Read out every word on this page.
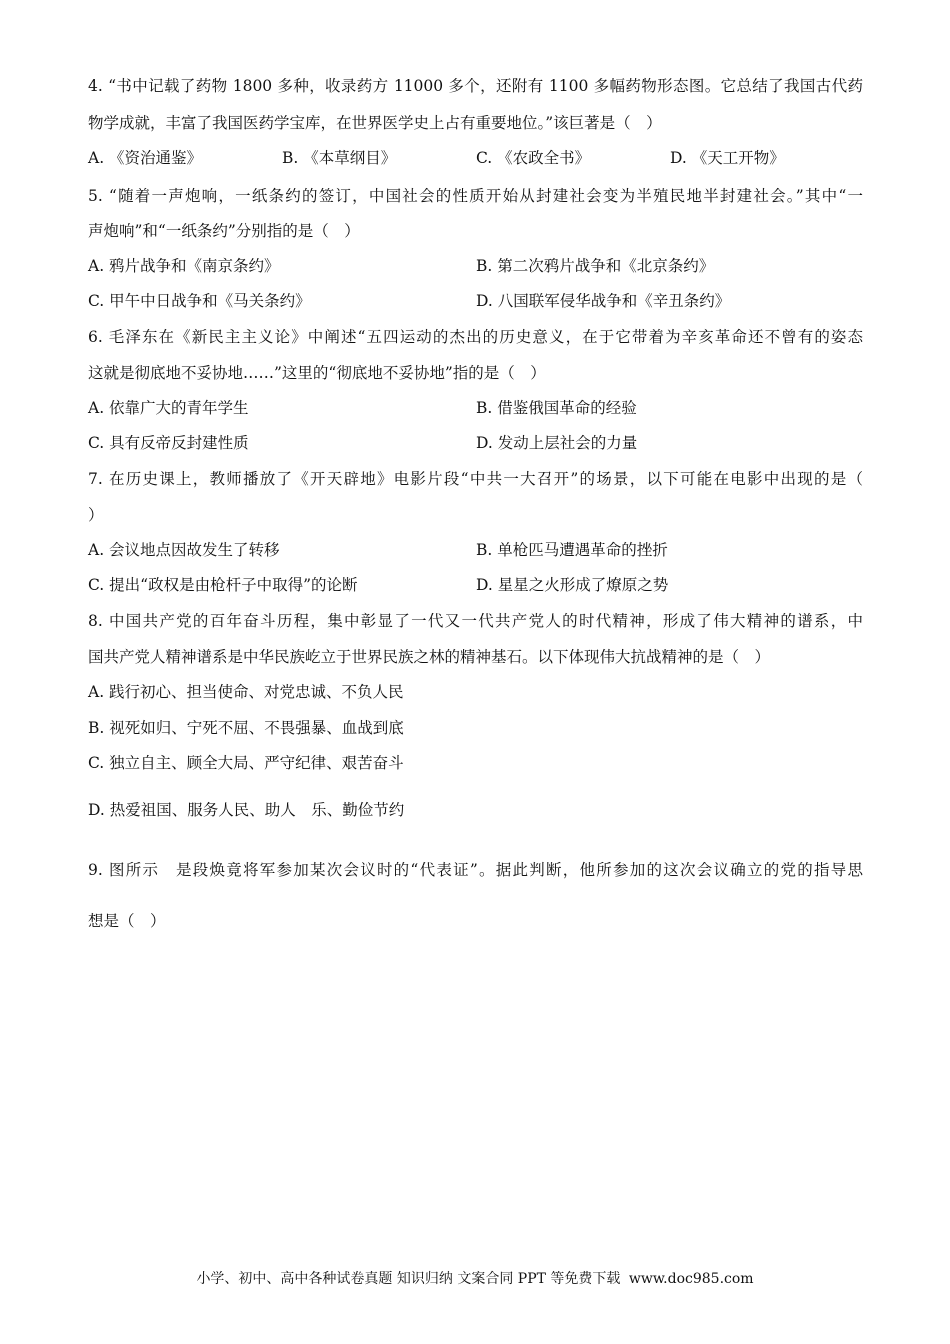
4. “书中记载了药物 1800 多种，收录药方 11000 多个，还附有 1100 多幅药物形态图。它总结了我国古代药
物学成就，丰富了我国医药学宝库，在世界医学史上占有重要地位。”该巨著是（　）
A. 《资治通鉴》	B. 《本草纲目》	C. 《农政全书》	D. 《天工开物》
5. “随着一声炮响，一纸条约的签订，中国社会的性质开始从封建社会变为半殖民地半封建社会。”其中“一
声炮响”和“一纸条约”分别指的是（　）
A. 鸦片战争和《南京条约》	B. 第二次鸦片战争和《北京条约》
C. 甲午中日战争和《马关条约》	D. 八国联军侵华战争和《辛丑条约》
6. 毛泽东在《新民主主义论》中阐述“五四运动的杰出的历史意义，在于它带着为辛亥革命还不曾有的姿态
这就是彻底地不妥协地……”这里的“彻底地不妥协地”指的是（　）
A. 依靠广大的青年学生	B. 借鉴俄国革命的经验
C. 具有反帝反封建性质	D. 发动上层社会的力量
7. 在历史课上，教师播放了《开天辟地》电影片段“中共一大召开”的场景，以下可能在电影中出现的是（
）
A. 会议地点因故发生了转移	B. 单枪匹马遭遇革命的挫折
C. 提出“政权是由枪杆子中取得”的论断	D. 星星之火形成了燎原之势
8. 中国共产党的百年奋斗历程，集中彰显了一代又一代共产党人的时代精神，形成了伟大精神的谱系，中
国共产党人精神谱系是中华民族屹立于世界民族之林的精神基石。以下体现伟大抗战精神的是（　）
A. 践行初心、担当使命、对党忠诚、不负人民
B. 视死如归、宁死不屈、不畏强暴、血战到底
C. 独立自主、顾全大局、严守纪律、艰苦奋斗
D. 热爱祖国、服务人民、助人　乐、勤俭节约
9. 图所示　是段焕竟将军参加某次会议时的“代表证”。据此判断，他所参加的这次会议确立的党的指导思
想是（　）
小学、初中、高中各种试卷真题 知识归纳 文案合同 PPT 等免费下载 www.doc985.com
